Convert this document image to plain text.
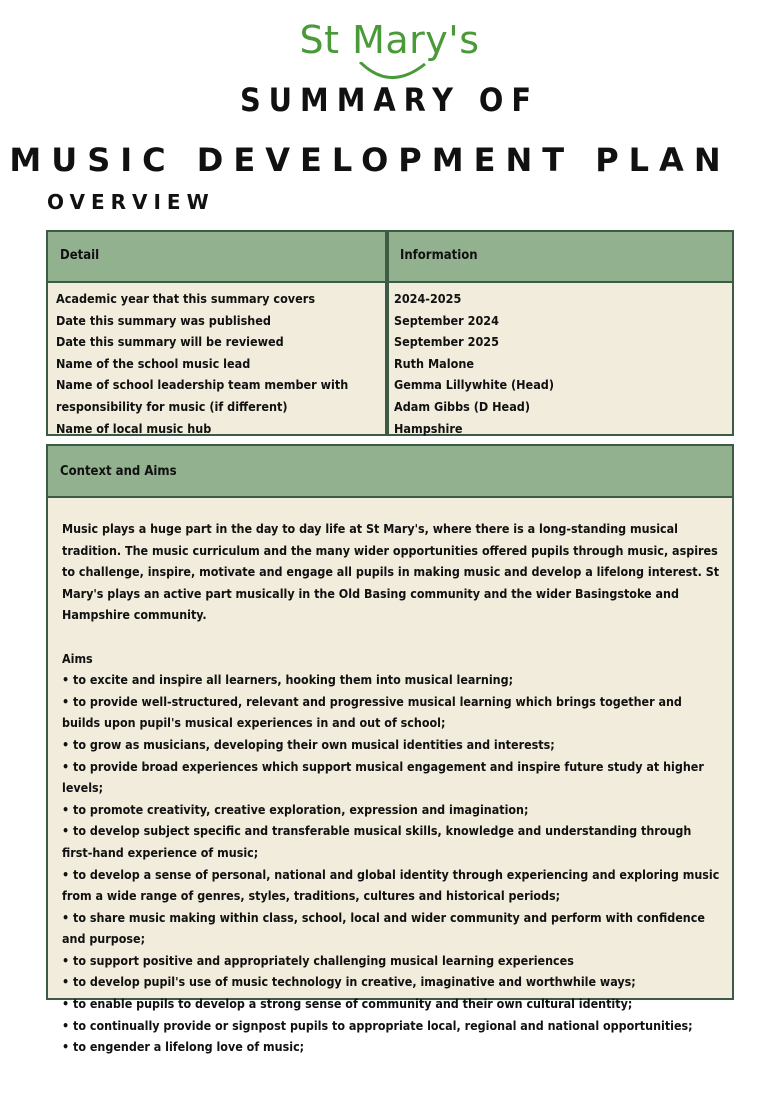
St Mary's
SUMMARY OF
MUSIC DEVELOPMENT PLAN
OVERVIEW
Detail	Information
Academic year that this summary covers
Date this summary was published
Date this summary will be reviewed
Name of the school music lead
Name of school leadership team member with
responsibility for music (if different)
Name of local music hub
2024-2025
September 2024
September 2025
Ruth Malone
Gemma Lillywhite (Head)
Adam Gibbs (D Head)
Hampshire
Context and Aims

Music plays a huge part in the day to day life at St Mary's, where there is a long-standing musical tradition. The music curriculum and the many wider opportunities offered pupils through music, aspires to challenge, inspire, motivate and engage all pupils in making music and develop a lifelong interest. St Mary's plays an active part musically in the Old Basing community and the wider Basingstoke and Hampshire community.

Aims

• to excite and inspire all learners, hooking them into musical learning;

• to provide well-structured, relevant and progressive musical learning which brings together and builds upon pupil's musical experiences in and out of school;

• to grow as musicians, developing their own musical identities and interests;

• to provide broad experiences which support musical engagement and inspire future study at higher levels;

• to promote creativity, creative exploration, expression and imagination;

• to develop subject specific and transferable musical skills, knowledge and understanding through first-hand experience of music;

• to develop a sense of personal, national and global identity through experiencing and exploring music from a wide range of genres, styles, traditions, cultures and historical periods;

• to share music making within class, school, local and wider community and perform with confidence and purpose;

• to support positive and appropriately challenging musical learning experiences

• to develop pupil's use of music technology in creative, imaginative and worthwhile ways;

• to enable pupils to develop a strong sense of community and their own cultural identity;

• to continually provide or signpost pupils to appropriate local, regional and national opportunities;

• to engender a lifelong love of music;
